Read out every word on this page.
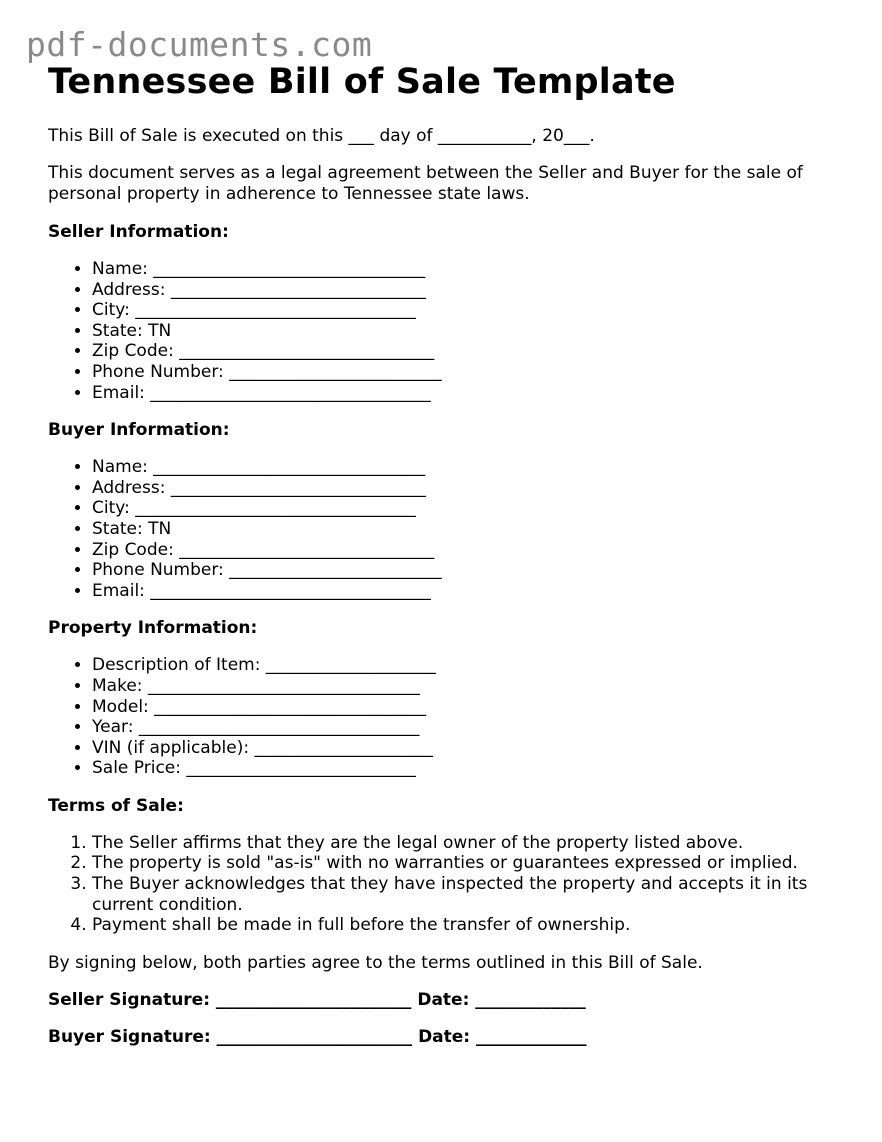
pdf-documents.com
Tennessee Bill of Sale Template

This Bill of Sale is executed on this ___ day of ___________, 20___.

This document serves as a legal agreement between the Seller and Buyer for the sale of personal property in adherence to Tennessee state laws.

Seller Information:
• Name: ________________________________
• Address: ______________________________
• City: _________________________________
• State: TN
• Zip Code: ______________________________
• Phone Number: _________________________
• Email: _________________________________
Buyer Information:
• Name: ________________________________
• Address: ______________________________
• City: _________________________________
• State: TN
• Zip Code: ______________________________
• Phone Number: _________________________
• Email: _________________________________
Property Information:
• Description of Item: ____________________
• Make: ________________________________
• Model: ________________________________
• Year: _________________________________
• VIN (if applicable): _____________________
• Sale Price: ___________________________
Terms of Sale:
1. The Seller affirms that they are the legal owner of the property listed above.
2. The property is sold "as-is" with no warranties or guarantees expressed or implied.
3. The Buyer acknowledges that they have inspected the property and accepts it in its current condition.
4. Payment shall be made in full before the transfer of ownership.

By signing below, both parties agree to the terms outlined in this Bill of Sale.

Seller Signature: _______________________ Date: _____________
Buyer Signature: _______________________ Date: _____________
